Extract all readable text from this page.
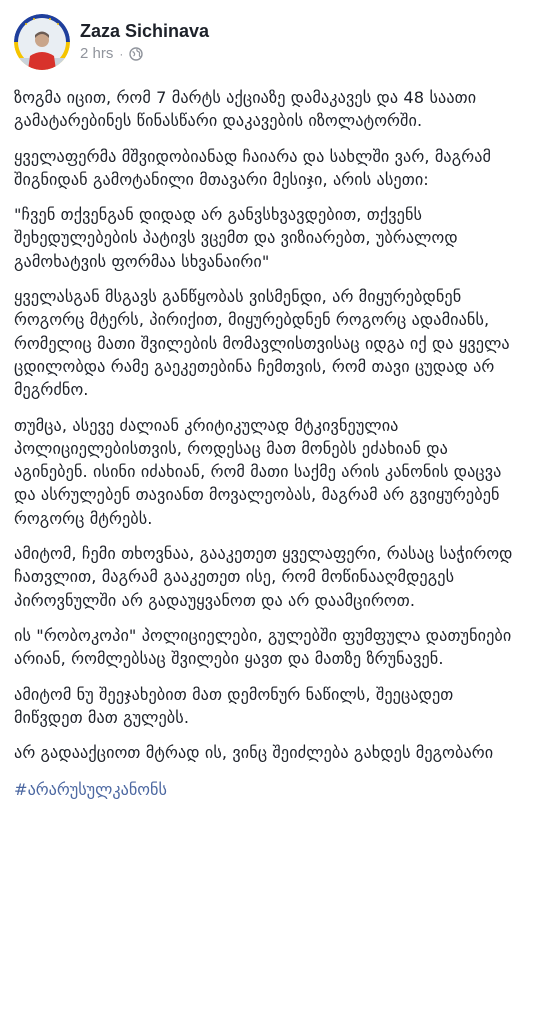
Zaza Sichinava
2 hrs ·

ზოგმა იცით, რომ 7 მარტს აქციაზე დამაკავეს და 48 საათი გამატარებინეს წინასწარი დაკავების იზოლატორში.

ყველაფერმა მშვიდობიანად ჩაიარა და სახლში ვარ, მაგრამ შიგნიდან გამოტანილი მთავარი მესიჯი, არის ასეთი:

"ჩვენ თქვენგან დიდად არ განვსხვავდებით, თქვენს შეხედულებების პატივს ვცემთ და ვიზიარებთ, უბრალოდ გამოხატვის ფორმაა სხვანაირი"

ყველასგან მსგავს განწყობას ვისმენდი, არ მიყურებდნენ როგორც მტერს, პირიქით, მიყურებდნენ როგორც ადამიანს, რომელიც მათი შვილების მომავლისთვისაც იდგა იქ და ყველა ცდილობდა რამე გაეკეთებინა ჩემთვის, რომ თავი ცუდად არ მეგრძნო.

თუმცა, ასევე ძალიან კრიტიკულად მტკივნეულია პოლიციელებისთვის, როდესაც მათ მონებს ეძახიან და აგინებენ. ისინი იძახიან, რომ მათი საქმე არის კანონის დაცვა და ასრულებენ თავიანთ მოვალეობას, მაგრამ არ გვიყურებენ როგორც მტრებს.

ამიტომ, ჩემი თხოვნაა, გააკეთეთ ყველაფერი, რასაც საჭიროდ ჩათვლით, მაგრამ გააკეთეთ ისე, რომ მოწინააღმდეგეს პიროვნულში არ გადაუყვანოთ და არ დაამციროთ.

ის "რობოკოპი" პოლიციელები, გულებში ფუმფულა დათუნიები არიან, რომლებსაც შვილები ყავთ და მათზე ზრუნავენ.

ამიტომ ნუ შეეჯახებით მათ დემონურ ნაწილს, შეეცადეთ მიწვდეთ მათ გულებს.

არ გადააქციოთ მტრად ის, ვინც შეიძლება გახდეს მეგობარი

#არარუსულკანონს
